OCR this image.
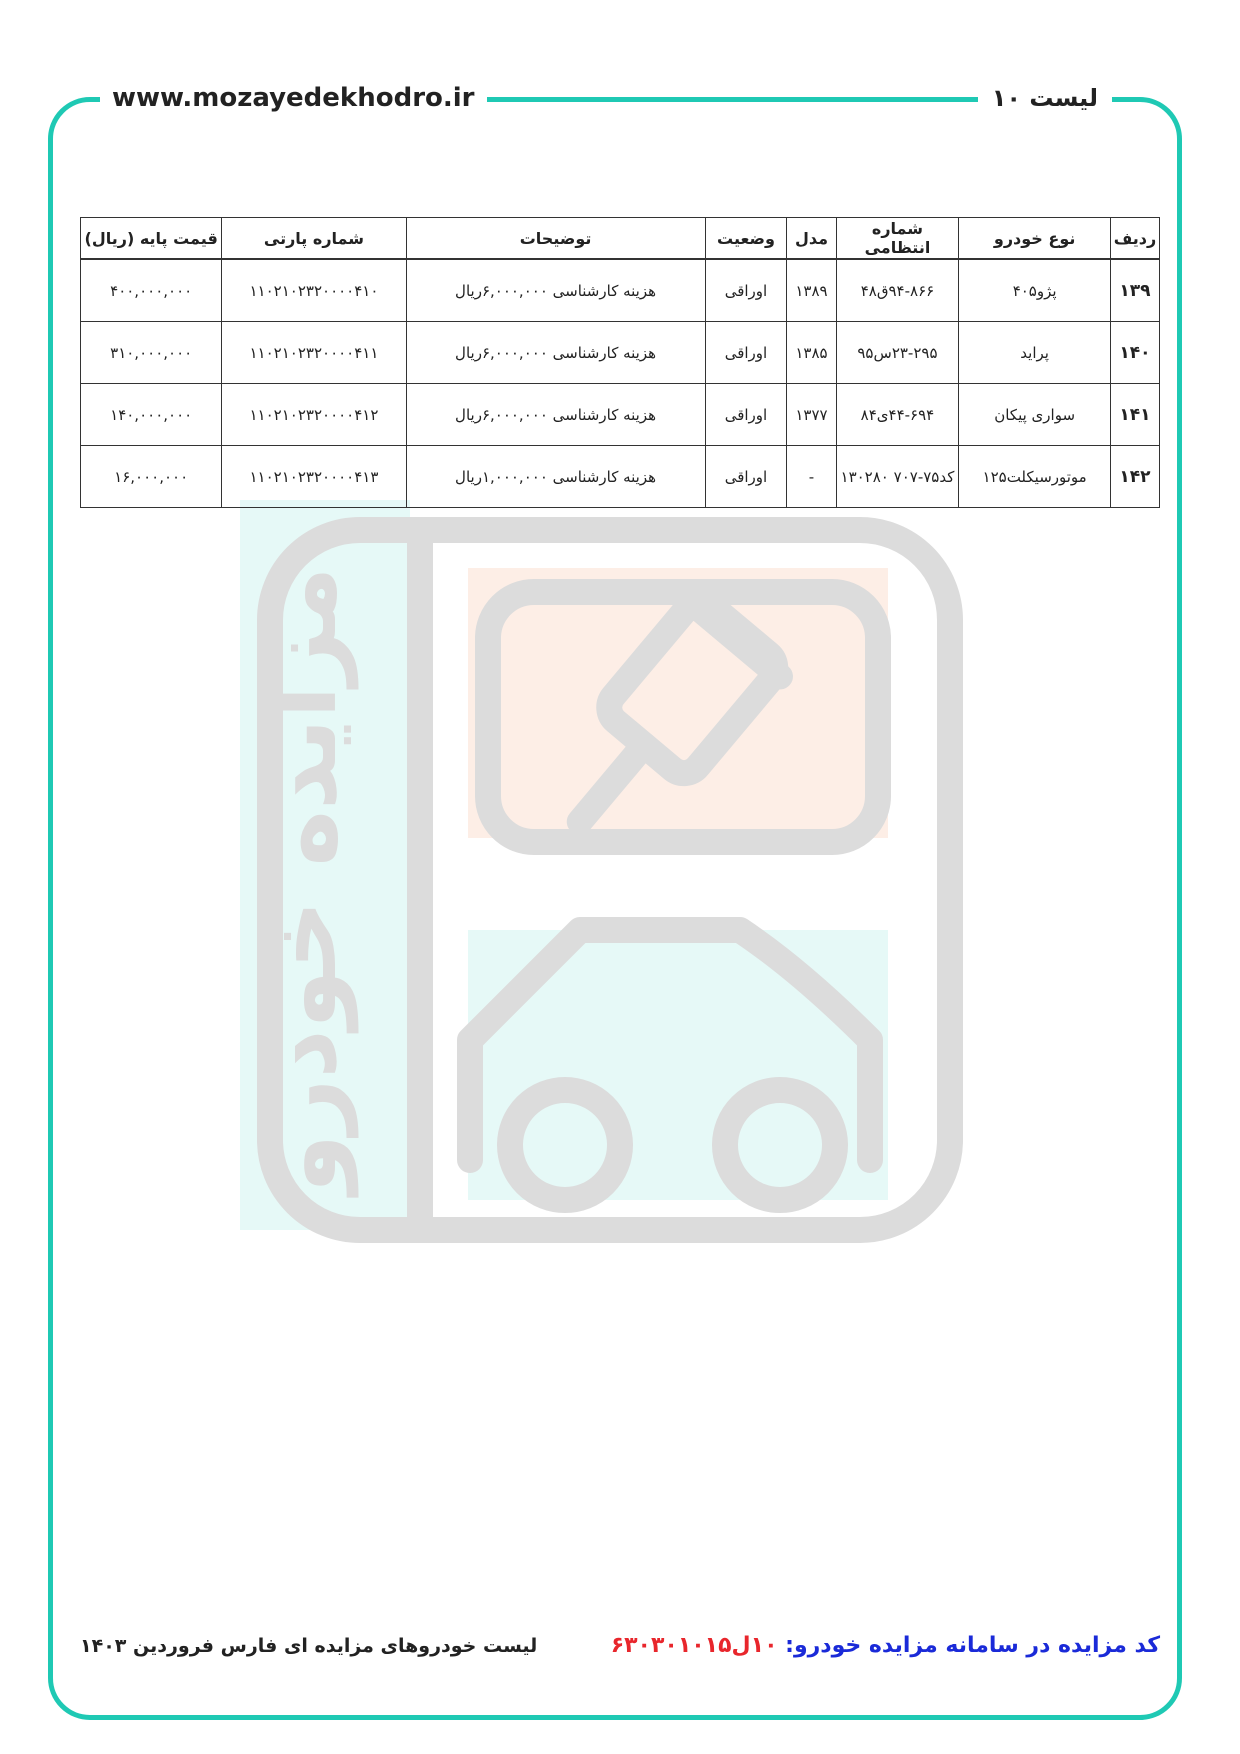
www.mozayedekhodro.ir	لیست ۱۰
مزایده خودرو
ردیف	نوع خودرو	شماره انتظامی	مدل	وضعیت	توضیحات	شماره پارتی	قیمت پایه (ریال)
۱۳۹	پژو۴۰۵	۹۴-۸۶۶ق۴۸	۱۳۸۹	اوراقی	هزینه کارشناسی ۶,۰۰۰,۰۰۰ریال	۱۱۰۲۱۰۲۳۲۰۰۰۰۴۱۰	۴۰۰,۰۰۰,۰۰۰
۱۴۰	پراید	۲۳-۲۹۵س۹۵	۱۳۸۵	اوراقی	هزینه کارشناسی ۶,۰۰۰,۰۰۰ریال	۱۱۰۲۱۰۲۳۲۰۰۰۰۴۱۱	۳۱۰,۰۰۰,۰۰۰
۱۴۱	سواری پیکان	۴۴-۶۹۴ی۸۴	۱۳۷۷	اوراقی	هزینه کارشناسی ۶,۰۰۰,۰۰۰ریال	۱۱۰۲۱۰۲۳۲۰۰۰۰۴۱۲	۱۴۰,۰۰۰,۰۰۰
۱۴۲	موتورسیکلت۱۲۵	کد۷۵-۷۰۷ ۱۳۰۲۸۰	-	اوراقی	هزینه کارشناسی ۱,۰۰۰,۰۰۰ریال	۱۱۰۲۱۰۲۳۲۰۰۰۰۴۱۳	۱۶,۰۰۰,۰۰۰
لیست خودروهای مزایده ای فارس فروردین ۱۴۰۳	کد مزایده در سامانه مزایده خودرو: ۱۰ل۶۳۰۳۰۱۰۱۵
